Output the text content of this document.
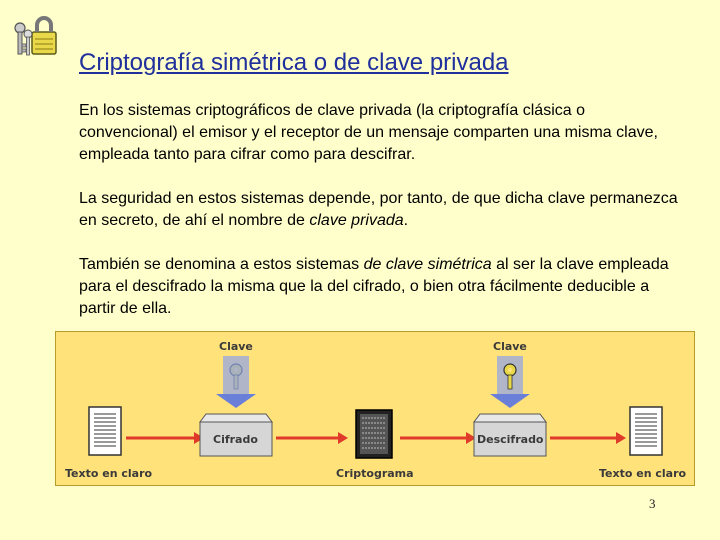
Criptografía simétrica o de clave privada

En los sistemas criptográficos de clave privada (la criptografía clásica o convencional) el emisor y el receptor de un mensaje comparten una misma clave, empleada tanto para cifrar como para descifrar.

La seguridad en estos sistemas depende, por tanto, de que dicha clave permanezca en secreto, de ahí el nombre de clave privada.

También se denomina a estos sistemas de clave simétrica al ser la clave empleada para el descifrado la misma que la del cifrado, o bien otra fácilmente deducible a partir de ella.

Clave	Clave
Cifrado	Descifrado
Texto en claro	Criptograma	Texto en claro
3
